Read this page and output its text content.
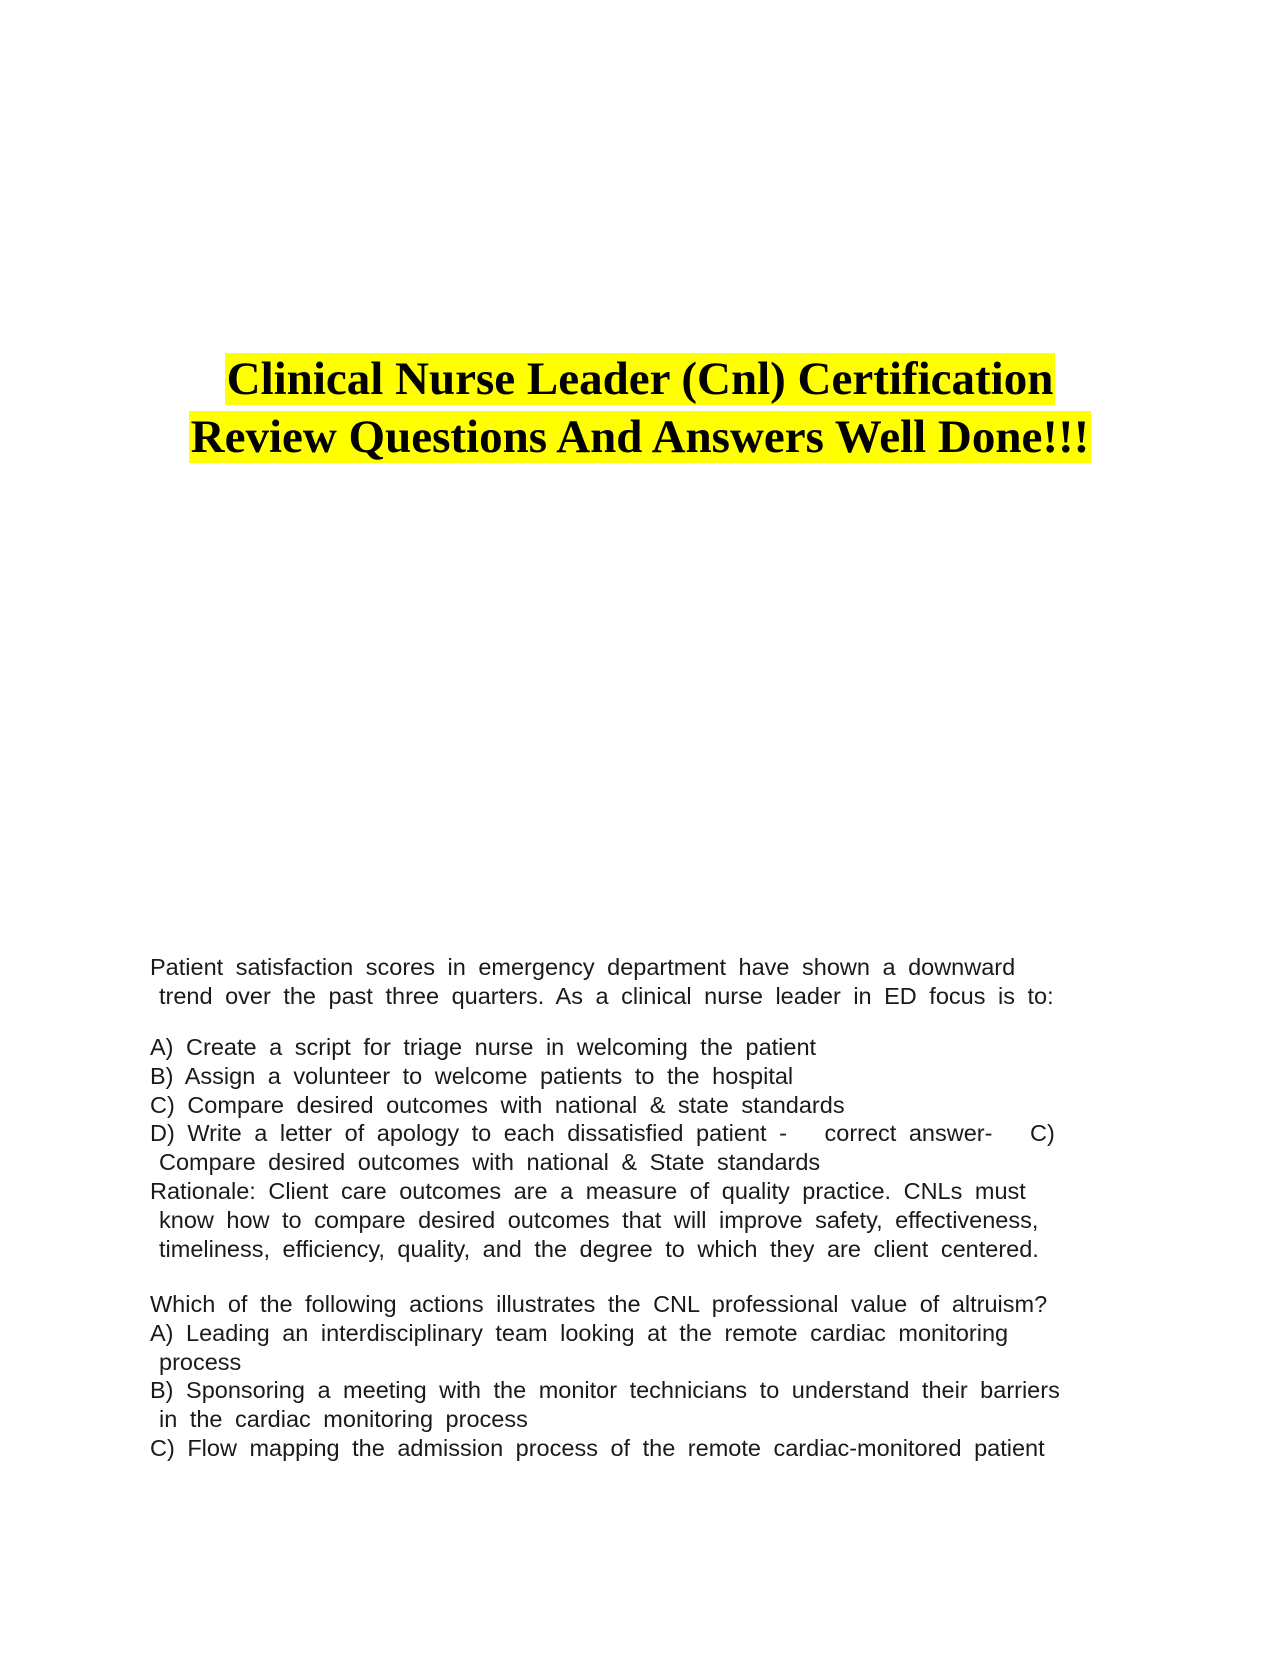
Clinical Nurse Leader (Cnl) Certification
Review Questions And Answers Well Done!!!
Patient satisfaction scores in emergency department have shown a downward
trend over the past three quarters. As a clinical nurse leader in ED focus is to:
A) Create a script for triage nurse in welcoming the patient
B) Assign a volunteer to welcome patients to the hospital
C) Compare desired outcomes with national & state standards
D) Write a letter of apology to each dissatisfied patient -   correct answer-   C)
Compare desired outcomes with national & State standards
Rationale: Client care outcomes are a measure of quality practice. CNLs must
know how to compare desired outcomes that will improve safety, effectiveness,
timeliness, efficiency, quality, and the degree to which they are client centered.
Which of the following actions illustrates the CNL professional value of altruism?
A) Leading an interdisciplinary team looking at the remote cardiac monitoring
process
B) Sponsoring a meeting with the monitor technicians to understand their barriers
in the cardiac monitoring process
C) Flow mapping the admission process of the remote cardiac-monitored patient
